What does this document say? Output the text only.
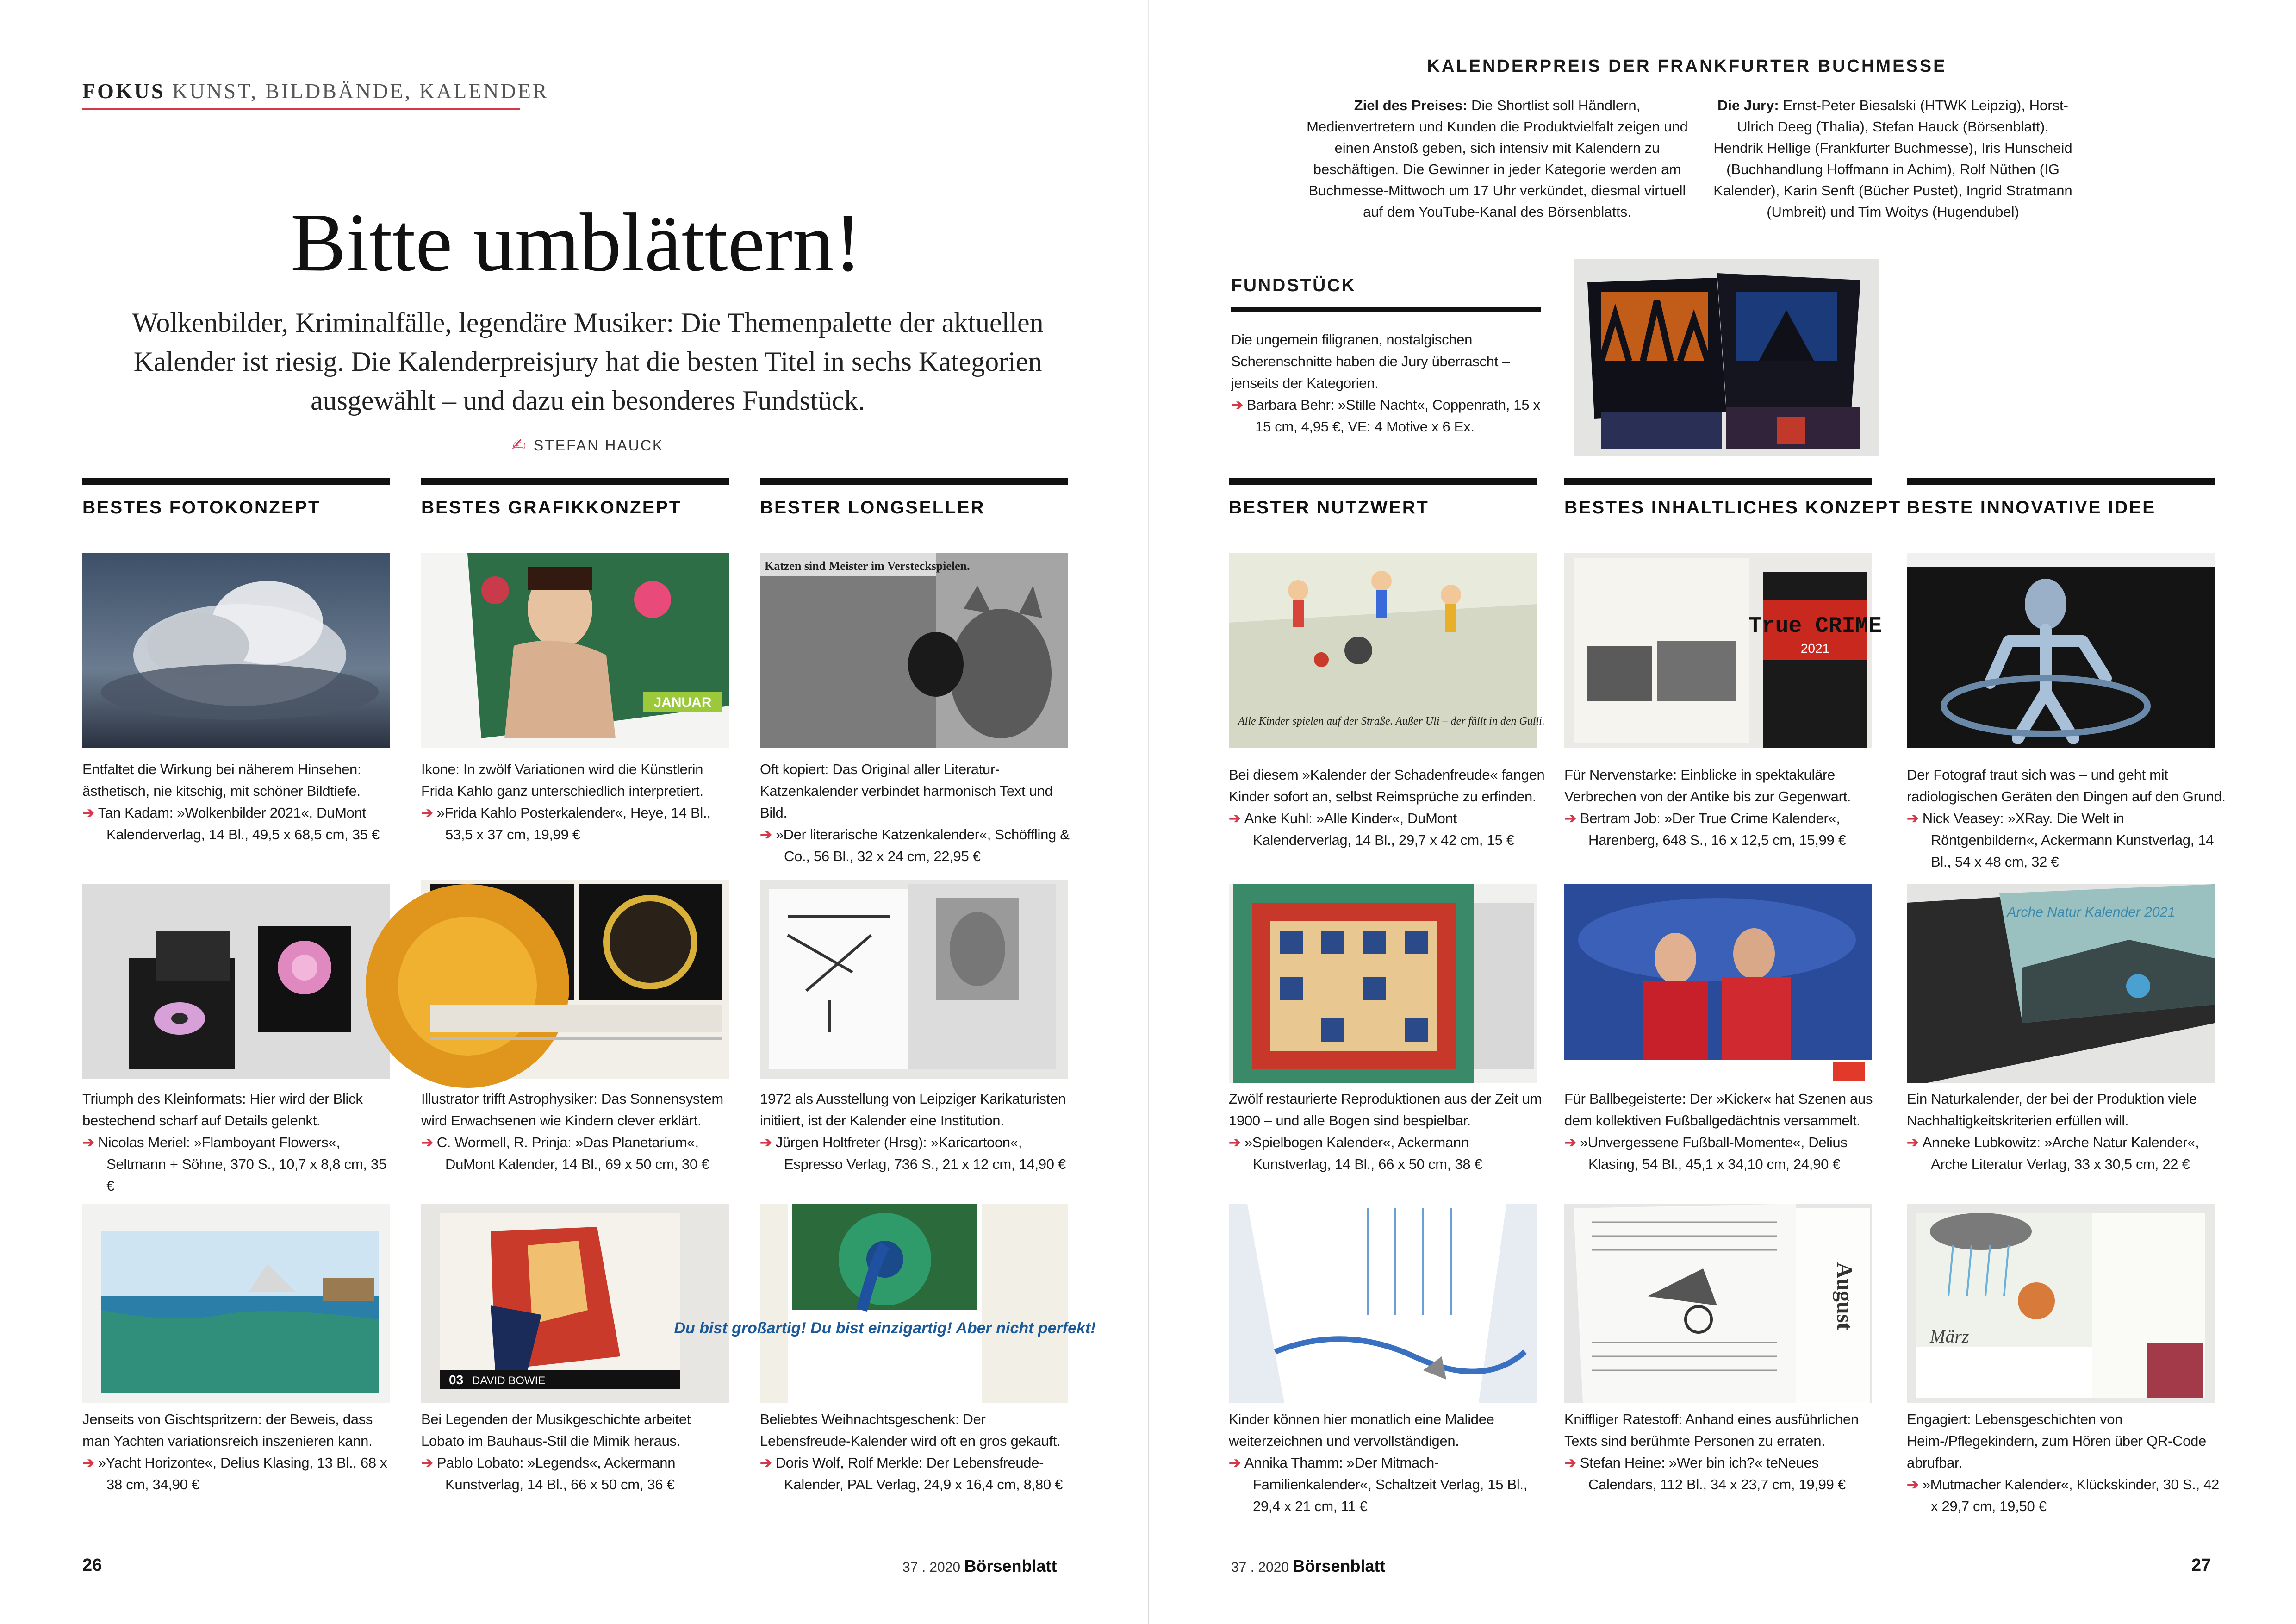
FOKUS KUNST, BILDBÄNDE, KALENDER
Bitte umblättern!
Wolkenbilder, Kriminalfälle, legendäre Musiker: Die Themenpalette der aktuellen Kalender ist riesig. Die Kalenderpreisjury hat die besten Titel in sechs Kategorien ausgewählt – und dazu ein besonderes Fundstück.
✍ STEFAN HAUCK
KALENDERPREIS DER FRANKFURTER BUCHMESSE
Ziel des Preises: Die Shortlist soll Händlern, Medienvertretern und Kunden die Produktvielfalt zeigen und einen Anstoß geben, sich intensiv mit Kalendern zu beschäftigen. Die Gewinner in jeder Kategorie werden am Buchmesse-Mittwoch um 17 Uhr verkündet, diesmal virtuell auf dem YouTube-Kanal des Börsenblatts.
Die Jury: Ernst-Peter Biesalski (HTWK Leipzig), Horst-Ulrich Deeg (Thalia), Stefan Hauck (Börsenblatt), Hendrik Hellige (Frankfurter Buchmesse), Iris Hunscheid (Buchhandlung Hoffmann in Achim), Rolf Nüthen (IG Kalender), Karin Senft (Bücher Pustet), Ingrid Stratmann (Umbreit) und Tim Woitys (Hugendubel)
FUNDSTÜCK
Die ungemein filigranen, nostalgischen Scherenschnitte haben die Jury überrascht – jenseits der Kategorien.
➔ Barbara Behr: »Stille Nacht«, Coppenrath, 15 x 15 cm, 4,95 €, VE: 4 Motive x 6 Ex.
BESTES FOTOKONZEPT
Entfaltet die Wirkung bei näherem Hinsehen: ästhetisch, nie kitschig, mit schöner Bildtiefe.
➔ Tan Kadam: »Wolkenbilder 2021«, DuMont Kalenderverlag, 14 Bl., 49,5 x 68,5 cm, 35 €
Triumph des Kleinformats: Hier wird der Blick bestechend scharf auf Details gelenkt.
➔ Nicolas Meriel: »Flamboyant Flowers«, Seltmann + Söhne, 370 S., 10,7 x 8,8 cm, 35 €
Jenseits von Gischtspritzern: der Beweis, dass man Yachten variationsreich inszenieren kann.
➔ »Yacht Horizonte«, Delius Klasing, 13 Bl., 68 x 38 cm, 34,90 €
BESTES GRAFIKKONZEPT
JANUAR
Ikone: In zwölf Variationen wird die Künstlerin Frida Kahlo ganz unterschiedlich interpretiert.
➔ »Frida Kahlo Posterkalender«, Heye, 14 Bl., 53,5 x 37 cm, 19,99 €
Illustrator trifft Astrophysiker: Das Sonnensystem wird Erwachsenen wie Kindern clever erklärt.
➔ C. Wormell, R. Prinja: »Das Planetarium«, DuMont Kalender, 14 Bl., 69 x 50 cm, 30 €
03 DAVID BOWIE
Bei Legenden der Musikgeschichte arbeitet Lobato im Bauhaus-Stil die Mimik heraus.
➔ Pablo Lobato: »Legends«, Ackermann Kunstverlag, 14 Bl., 66 x 50 cm, 36 €
BESTER LONGSELLER
Katzen sind Meister im Versteckspielen.
Oft kopiert: Das Original aller Literatur-Katzenkalender verbindet harmonisch Text und Bild.
➔ »Der literarische Katzenkalender«, Schöffling & Co., 56 Bl., 32 x 24 cm, 22,95 €
1972 als Ausstellung von Leipziger Karikaturisten initiiert, ist der Kalender eine Institution.
➔ Jürgen Holtfreter (Hrsg): »Karicartoon«, Espresso Verlag, 736 S., 21 x 12 cm, 14,90 €
Du bist großartig! Du bist einzigartig! Aber nicht perfekt!
Beliebtes Weihnachtsgeschenk: Der Lebensfreude-Kalender wird oft en gros gekauft.
➔ Doris Wolf, Rolf Merkle: Der Lebensfreude-Kalender, PAL Verlag, 24,9 x 16,4 cm, 8,80 €
BESTER NUTZWERT
Alle Kinder spielen auf der Straße. Außer Uli – der fällt in den Gulli.
Bei diesem »Kalender der Schadenfreude« fangen Kinder sofort an, selbst Reimsprüche zu erfinden.
➔ Anke Kuhl: »Alle Kinder«, DuMont Kalenderverlag, 14 Bl., 29,7 x 42 cm, 15 €
Zwölf restaurierte Reproduktionen aus der Zeit um 1900 – und alle Bogen sind bespielbar.
➔ »Spielbogen Kalender«, Ackermann Kunstverlag, 14 Bl., 66 x 50 cm, 38 €
Kinder können hier monatlich eine Malidee weiterzeichnen und vervollständigen.
➔ Annika Thamm: »Der Mitmach-Familienkalender«, Schaltzeit Verlag, 15 Bl., 29,4 x 21 cm, 11 €
BESTES INHALTLICHES KONZEPT
True CRIME
2021
Für Nervenstarke: Einblicke in spektakuläre Verbrechen von der Antike bis zur Gegenwart.
➔ Bertram Job: »Der True Crime Kalender«, Harenberg, 648 S., 16 x 12,5 cm, 15,99 €
Für Ballbegeisterte: Der »Kicker« hat Szenen aus dem kollektiven Fußballgedächtnis versammelt.
➔ »Unvergessene Fußball-Momente«, Delius Klasing, 54 Bl., 45,1 x 34,10 cm, 24,90 €
August
Kniffliger Ratestoff: Anhand eines ausführlichen Texts sind berühmte Personen zu erraten.
➔ Stefan Heine: »Wer bin ich?« teNeues Calendars, 112 Bl., 34 x 23,7 cm, 19,99 €
BESTE INNOVATIVE IDEE
Der Fotograf traut sich was – und geht mit radiologischen Geräten den Dingen auf den Grund.
➔ Nick Veasey: »XRay. Die Welt in Röntgenbildern«, Ackermann Kunstverlag, 14 Bl., 54 x 48 cm, 32 €
Arche Natur Kalender 2021
Ein Naturkalender, der bei der Produktion viele Nachhaltigkeitskriterien erfüllen will.
➔ Anneke Lubkowitz: »Arche Natur Kalender«, Arche Literatur Verlag, 33 x 30,5 cm, 22 €
März
Engagiert: Lebensgeschichten von Heim-/Pflegekindern, zum Hören über QR-Code abrufbar.
➔ »Mutmacher Kalender«, Klückskinder, 30 S., 42 x 29,7 cm, 19,50 €
26	37 . 2020 Börsenblatt	37 . 2020 Börsenblatt	27
